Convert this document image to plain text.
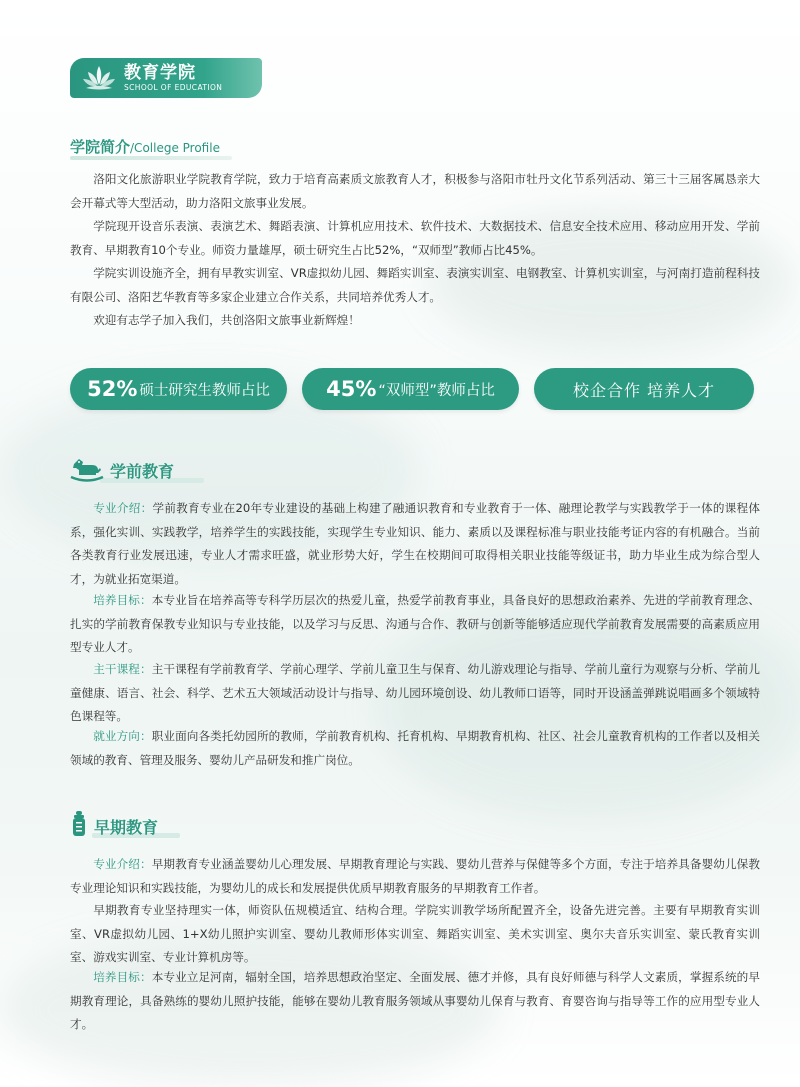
教育学院
SCHOOL OF EDUCATION
学院简介/College Profile

洛阳文化旅游职业学院教育学院，致力于培育高素质文旅教育人才，积极参与洛阳市牡丹文化节系列活动、第三十三届客属恳亲大会开幕式等大型活动，助力洛阳文旅事业发展。

学院现开设音乐表演、表演艺术、舞蹈表演、计算机应用技术、软件技术、大数据技术、信息安全技术应用、移动应用开发、学前教育、早期教育10个专业。师资力量雄厚，硕士研究生占比52%，“双师型”教师占比45%。

学院实训设施齐全，拥有早教实训室、VR虚拟幼儿园、舞蹈实训室、表演实训室、电钢教室、计算机实训室，与河南打造前程科技有限公司、洛阳艺华教育等多家企业建立合作关系，共同培养优秀人才。

欢迎有志学子加入我们，共创洛阳文旅事业新辉煌！

52% 硕士研究生教师占比	45% “双师型”教师占比	校企合作 培养人才
学前教育

专业介绍：学前教育专业在20年专业建设的基础上构建了融通识教育和专业教育于一体、融理论教学与实践教学于一体的课程体系，强化实训、实践教学，培养学生的实践技能，实现学生专业知识、能力、素质以及课程标准与职业技能考证内容的有机融合。当前各类教育行业发展迅速，专业人才需求旺盛，就业形势大好，学生在校期间可取得相关职业技能等级证书，助力毕业生成为综合型人才，为就业拓宽渠道。

培养目标：本专业旨在培养高等专科学历层次的热爱儿童，热爱学前教育事业，具备良好的思想政治素养、先进的学前教育理念、扎实的学前教育保教专业知识与专业技能，以及学习与反思、沟通与合作、教研与创新等能够适应现代学前教育发展需要的高素质应用型专业人才。

主干课程：主干课程有学前教育学、学前心理学、学前儿童卫生与保育、幼儿游戏理论与指导、学前儿童行为观察与分析、学前儿童健康、语言、社会、科学、艺术五大领域活动设计与指导、幼儿园环境创设、幼儿教师口语等，同时开设涵盖弹跳说唱画多个领域特色课程等。

就业方向：职业面向各类托幼园所的教师，学前教育机构、托育机构、早期教育机构、社区、社会儿童教育机构的工作者以及相关领域的教育、管理及服务、婴幼儿产品研发和推广岗位。

早期教育

专业介绍：早期教育专业涵盖婴幼儿心理发展、早期教育理论与实践、婴幼儿营养与保健等多个方面，专注于培养具备婴幼儿保教专业理论知识和实践技能，为婴幼儿的成长和发展提供优质早期教育服务的早期教育工作者。

早期教育专业坚持理实一体，师资队伍规模适宜、结构合理。学院实训教学场所配置齐全，设备先进完善。主要有早期教育实训室、VR虚拟幼儿园、1+X幼儿照护实训室、婴幼儿教师形体实训室、舞蹈实训室、美术实训室、奥尔夫音乐实训室、蒙氏教育实训室、游戏实训室、专业计算机房等。

培养目标：本专业立足河南，辐射全国，培养思想政治坚定、全面发展、德才并修，具有良好师德与科学人文素质，掌握系统的早期教育理论，具备熟练的婴幼儿照护技能，能够在婴幼儿教育服务领域从事婴幼儿保育与教育、育婴咨询与指导等工作的应用型专业人才。
